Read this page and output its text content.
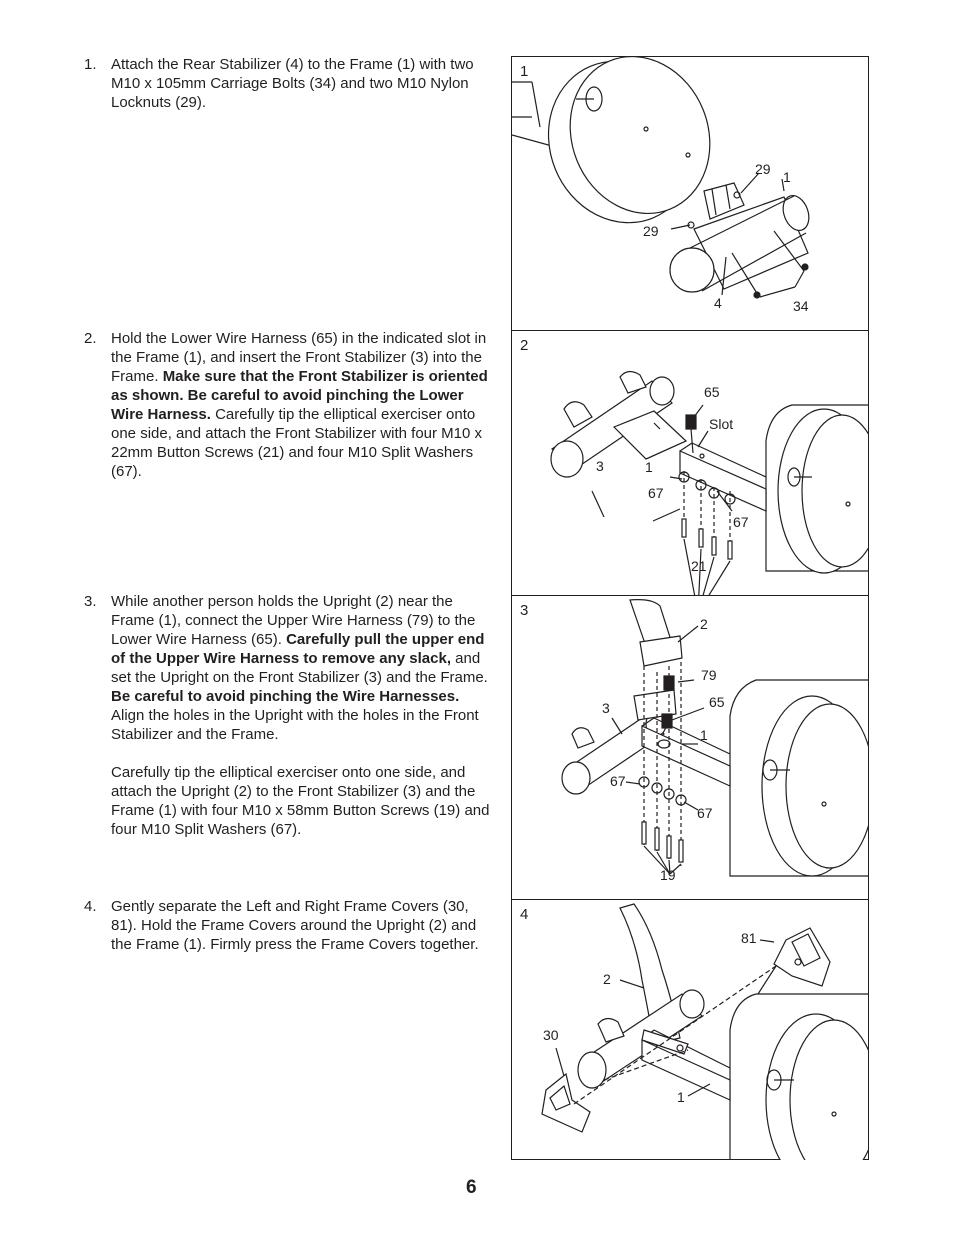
1. Attach the Rear Stabilizer (4) to the Frame (1) with two M10 x 105mm Carriage Bolts (34) and two M10 Nylon Locknuts (29).

2. Hold the Lower Wire Harness (65) in the indicated slot in the Frame (1), and insert the Front Stabilizer (3) into the Frame. Make sure that the Front Stabilizer is oriented as shown. Be careful to avoid pinching the Lower Wire Harness. Carefully tip the elliptical exerciser onto one side, and attach the Front Stabilizer with four M10 x 22mm Button Screws (21) and four M10 Split Washers (67).

3. While another person holds the Upright (2) near the Frame (1), connect the Upper Wire Harness (79) to the Lower Wire Harness (65). Carefully pull the upper end of the Upper Wire Harness to remove any slack, and set the Upright on the Front Stabilizer (3) and the Frame. Be careful to avoid pinching the Wire Harnesses. Align the holes in the Upright with the holes in the Front Stabilizer and the Frame.

Carefully tip the elliptical exerciser onto one side, and attach the Upright (2) to the Front Stabilizer (3) and the Frame (1) with four M10 x 58mm Button Screws (19) and four M10 Split Washers (67).

4. Gently separate the Left and Right Frame Covers (30, 81). Hold the Frame Covers around the Upright (2) and the Frame (1). Firmly press the Frame Covers together.

1
29 1
29
4	34
2
65
Slot
3	1
67
67
21
3
2
79
3	65
1
67
67
19
4
81
2
30
1
6
